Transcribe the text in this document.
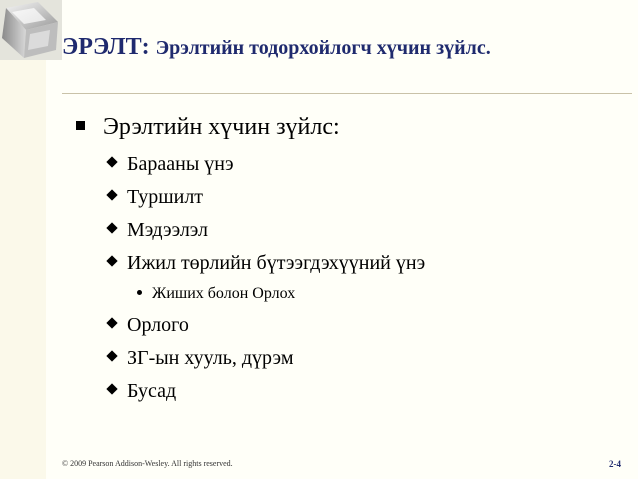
ЭРЭЛТ: Эрэлтийн тодорхойлогч хүчин зүйлс.
Эрэлтийн хүчин зүйлс:
Барааны үнэ
Туршилт
Мэдээлэл
Ижил төрлийн бүтээгдэхүүний үнэ
Жиших болон Орлох
Орлого
ЗГ-ын хууль, дүрэм
Бусад
© 2009 Pearson Addison-Wesley. All rights reserved.	2-4
